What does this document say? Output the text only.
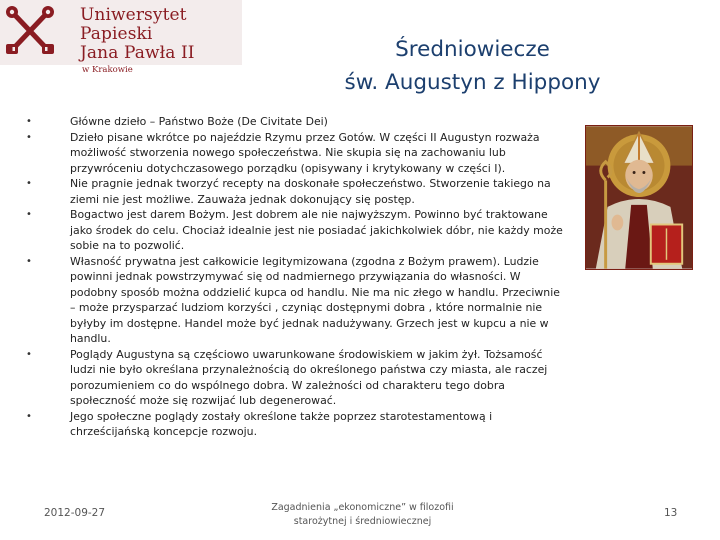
Uniwersytet Papieski
Jana Pawła II
w Krakowie
Średniowiecze
św. Augustyn z Hippony
•	Główne dzieło – Państwo Boże (De Civitate Dei)
•	Dzieło pisane wkrótce po najeździe Rzymu przez Gotów. W części II Augustyn rozważa
możliwość stworzenia nowego społeczeństwa. Nie skupia się na zachowaniu lub
przywróceniu dotychczasowego porządku (opisywany i krytykowany w części I).
•	Nie pragnie jednak tworzyć recepty na doskonałe społeczeństwo. Stworzenie takiego na
ziemi nie jest możliwe. Zauważa jednak dokonujący się postęp.
•	Bogactwo jest darem Bożym. Jest dobrem ale nie najwyższym. Powinno być traktowane
jako środek do celu. Chociaż idealnie jest nie posiadać jakichkolwiek dóbr, nie każdy może
sobie na to pozwolić.
•	Własność prywatna jest całkowicie legitymizowana (zgodna z Bożym prawem). Ludzie
powinni jednak powstrzymywać się od nadmiernego przywiązania do własności. W
podobny sposób można oddzielić kupca od handlu. Nie ma nic złego w handlu. Przeciwnie
– może przysparzać ludziom korzyści , czyniąc dostępnymi dobra , które normalnie nie
byłyby im dostępne. Handel może być jednak nadużywany. Grzech jest w kupcu a nie w
handlu.
•	Poglądy Augustyna są częściowo uwarunkowane środowiskiem w jakim żył. Tożsamość
ludzi nie było określana przynależnością do określonego państwa czy miasta, ale raczej
porozumieniem co do wspólnego dobra. W zależności od charakteru tego dobra
społeczność może się rozwijać lub degenerować.
•	Jego społeczne poglądy zostały określone także poprzez starotestamentową i
chrześcijańską koncepcje rozwoju.
2012-09-27	Zagadnienia „ekonomiczne” w filozofii
starożytnej i średniowiecznej
13
